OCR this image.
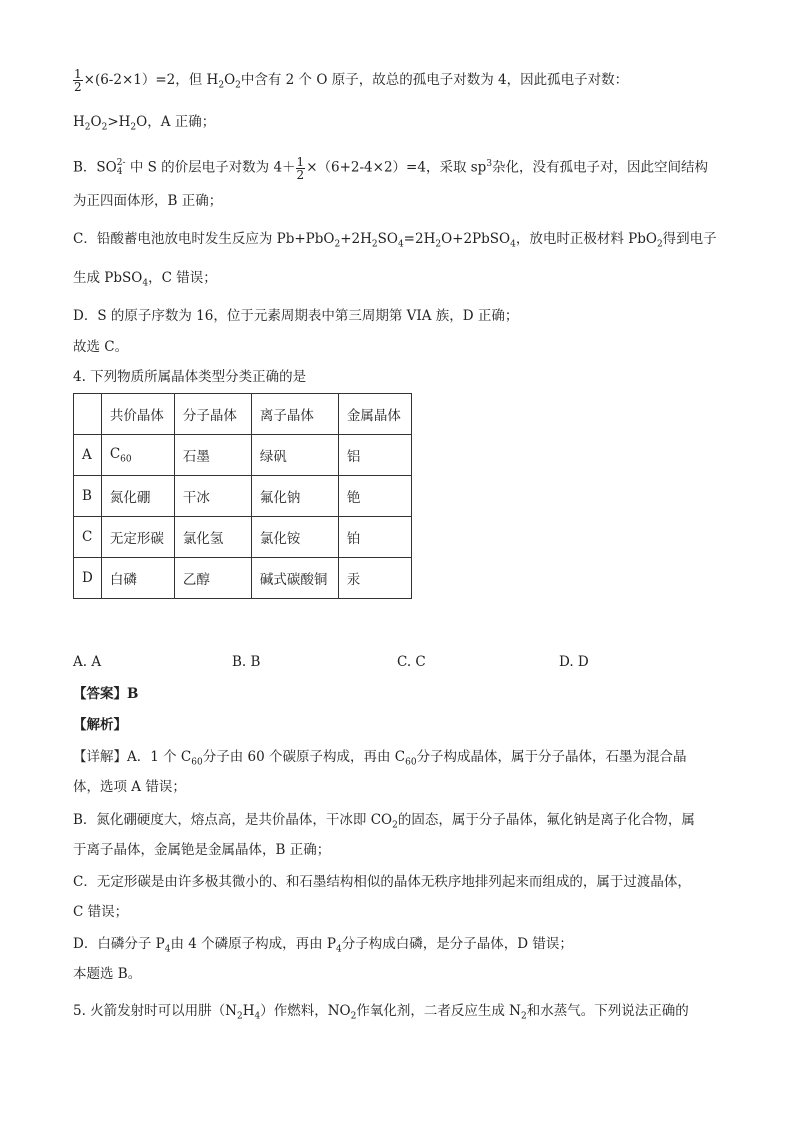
$\frac{1}{2} \times(6-2\times 1)=2$，但 $H_2O_2$中含有 2 个 O 原子，故总的孤电子对数为 4，因此孤电子对数：
$H_2O_2>H_2O$，A 正确；
B．SO 2-
4 中 S 的价层电子对数为 $4+ \frac{1}{2} \times(6+2-4\times 2)=4$，采取 $sp^3$杂化，没有孤电子对，因此空间结构
为正四面体形，B 正确；
C．铅酸蓄电池放电时发生反应为 $Pb+PbO_2+2H_2SO_4=2H_2O+2PbSO_4$，放电时正极材料 PbO$_2$得到电子
生成 PbSO$_4$，C 错误；
D．S 的原子序数为 16，位于元素周期表中第三周期第 VIA 族，D 正确；
故选 C。
4. 下列物质所属晶体类型分类正确的是
	共价晶体	分子晶体	离子晶体	金属晶体
A	$C_{60}$	石墨	绿矾	铝
B	氮化硼	干冰	氟化钠	铯
C	无定形碳	氯化氢	氯化铵	铂
D	白磷	乙醇	碱式碳酸铜	汞
A. A	B. B	C. C	D. D
【答案】B
【解析】
【详解】A．1 个 $C_{60}$分子由 60 个碳原子构成，再由 $C_{60}$分子构成晶体，属于分子晶体，石墨为混合晶
体，选项 A 错误；
B．氮化硼硬度大，熔点高，是共价晶体，干冰即 $CO_2$的固态，属于分子晶体，氟化钠是离子化合物，属
于离子晶体，金属铯是金属晶体，B 正确；
C．无定形碳是由许多极其微小的、和石墨结构相似的晶体无秩序地排列起来而组成的，属于过渡晶体，
C 错误；
D．白磷分子 $P_4$由 4 个磷原子构成，再由 $P_4$分子构成白磷，是分子晶体，D 错误；
本题选 B。
5. 火箭发射时可以用肼$(N_2H_4)$作燃料，$NO_2$作氧化剂，二者反应生成 $N_2$和水蒸气。下列说法正确的
